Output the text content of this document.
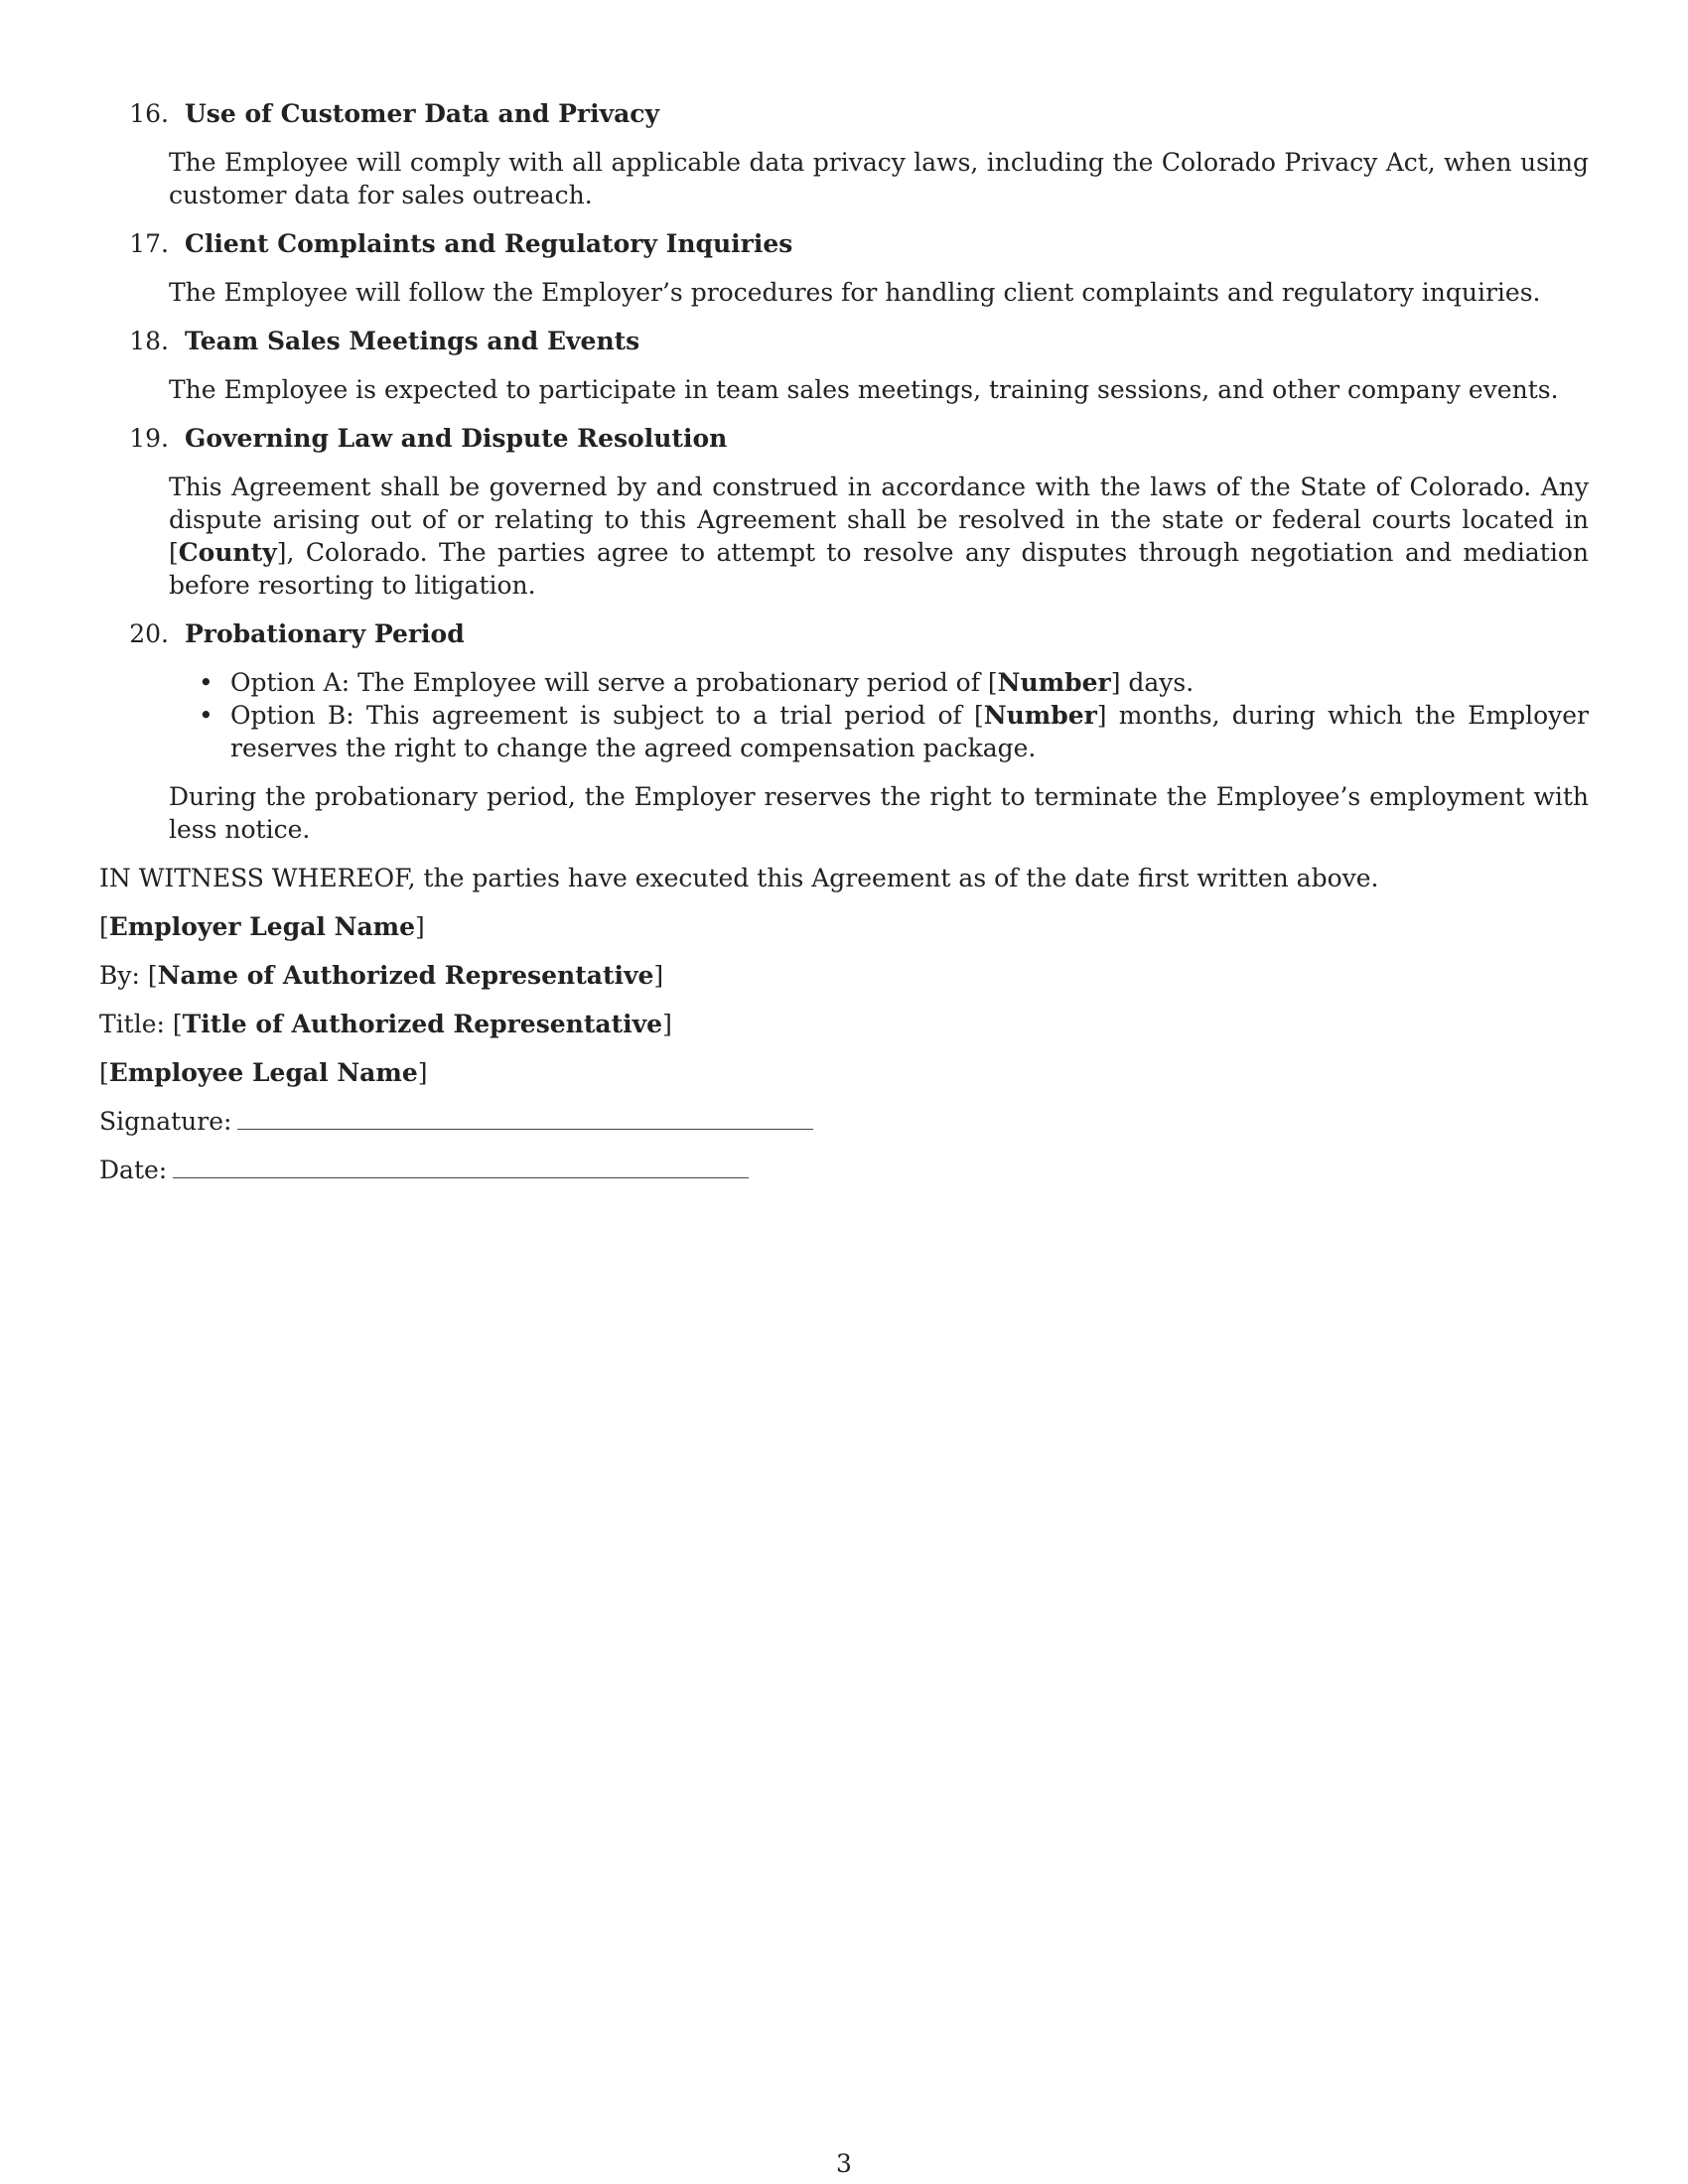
16. Use of Customer Data and Privacy

The Employee will comply with all applicable data privacy laws, including the Colorado Privacy Act, when using customer data for sales outreach.

17. Client Complaints and Regulatory Inquiries

The Employee will follow the Employer’s procedures for handling client complaints and regulatory inquiries.

18. Team Sales Meetings and Events

The Employee is expected to participate in team sales meetings, training sessions, and other company events.

19. Governing Law and Dispute Resolution

This Agreement shall be governed by and construed in accordance with the laws of the State of Colorado. Any dispute arising out of or relating to this Agreement shall be resolved in the state or federal courts located in [County], Colorado. The parties agree to attempt to resolve any disputes through negotiation and mediation before resorting to litigation.

20. Probationary Period
• Option A: The Employee will serve a probationary period of [Number] days.
• Option B: This agreement is subject to a trial period of [Number] months, during which the Employer reserves the right to change the agreed compensation package.
During the probationary period, the Employer reserves the right to terminate the Employee’s employment with less notice.

IN WITNESS WHEREOF, the parties have executed this Agreement as of the date first written above.

[Employer Legal Name]

By: [Name of Authorized Representative]

Title: [Title of Authorized Representative]

[Employee Legal Name]

Signature:

Date:

3
